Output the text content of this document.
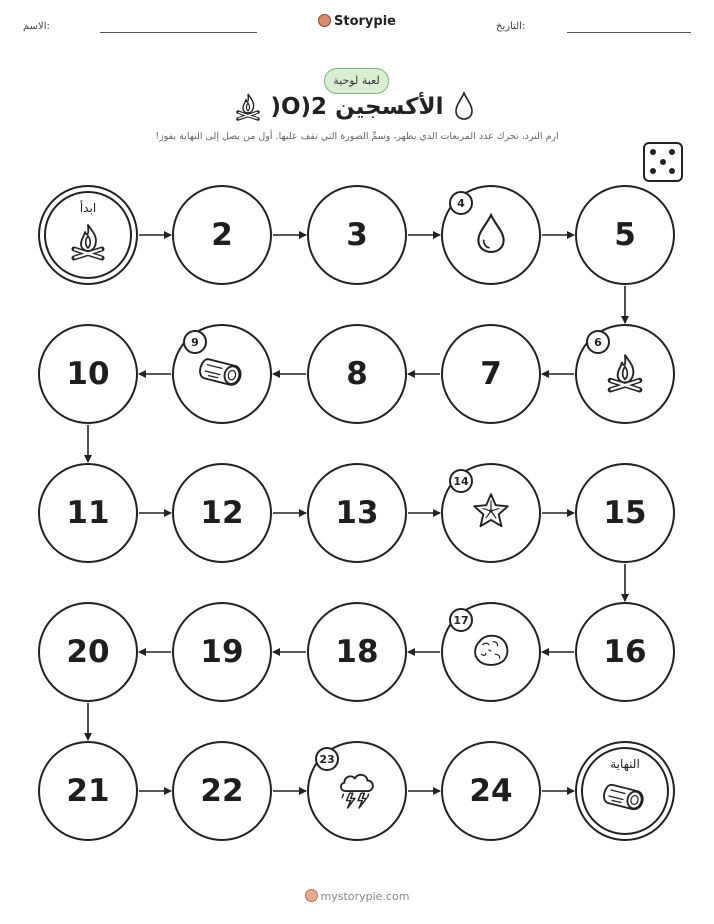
الاسم:	Storypie	التاريخ:
لعبة لوحية
الأكسجين O)2(
ارم النرد، تحرك عدد المربعات الذي يظهر، وسمِّ الصورة التي تقف عليها. أول من يصل إلى النهاية يفوز!
النهاية
24
22
21
20	19	18	16
15
13
12
11
10	8	7
5
3
2
ابدأ	4
6
9
14
17
23
mystorypie.com
